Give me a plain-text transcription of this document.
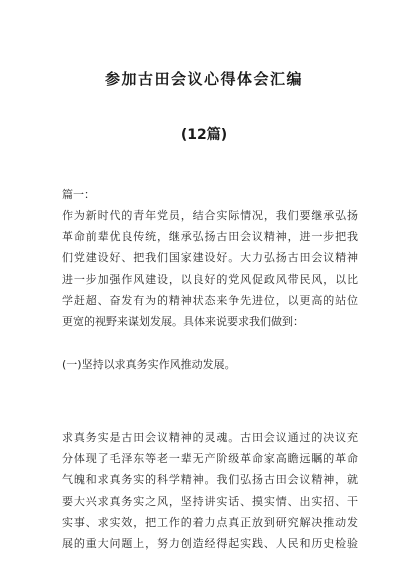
参加古田会议心得体会汇编
(12篇)
篇一：
作为新时代的青年党员，结合实际情况，我们要继承弘扬
革命前辈优良传统，继承弘扬古田会议精神，进一步把我
们党建设好、把我们国家建设好。大力弘扬古田会议精神
进一步加强作风建设，以良好的党风促政风带民风，以比
学赶超、奋发有为的精神状态来争先进位，以更高的站位
更宽的视野来谋划发展。具体来说要求我们做到：
(一)坚持以求真务实作风推动发展。
求真务实是古田会议精神的灵魂。古田会议通过的决议充
分体现了毛泽东等老一辈无产阶级革命家高瞻远瞩的革命
气魄和求真务实的科学精神。我们弘扬古田会议精神，就
要大兴求真务实之风，坚持讲实话、摸实情、出实招、干
实事、求实效，把工作的着力点真正放到研究解决推动发
展的重大问题上，努力创造经得起实践、人民和历史检验
